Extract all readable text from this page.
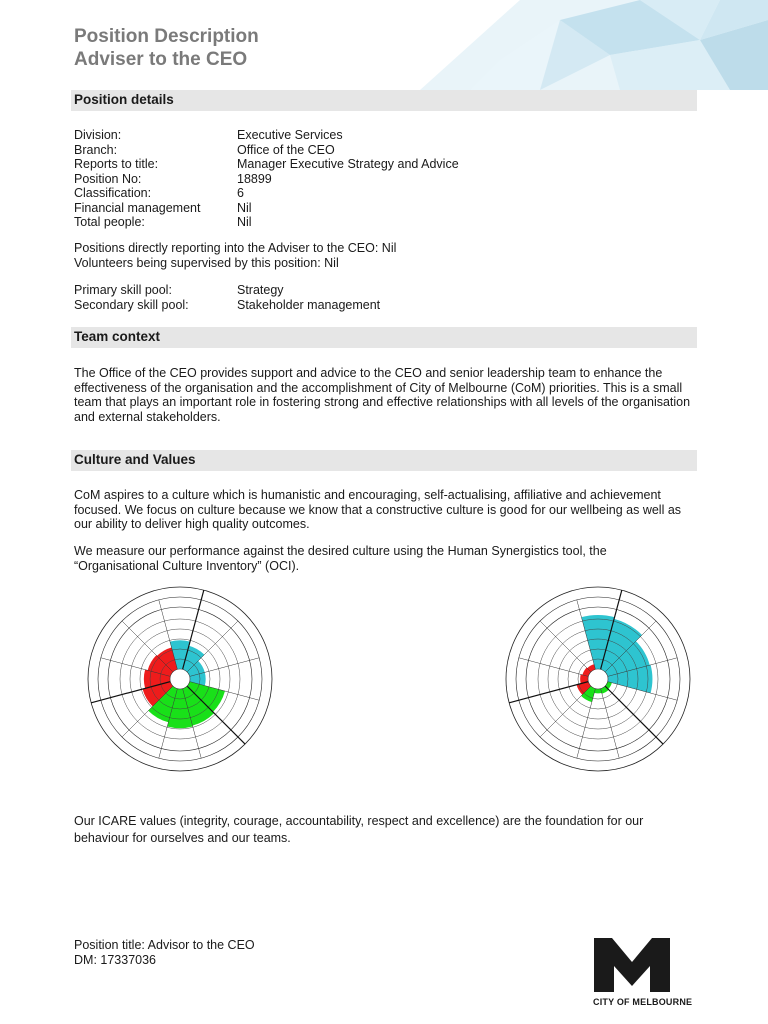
Position Description
Adviser to the CEO
Position details
Division:	Executive Services
Branch:	Office of the CEO
Reports to title:	Manager Executive Strategy and Advice
Position No:	18899
Classification:	6
Financial management	Nil
Total people:	Nil
Positions directly reporting into the Adviser to the CEO: Nil
Volunteers being supervised by this position: Nil
Primary skill pool:	Strategy
Secondary skill pool:	Stakeholder management
Team context

The Office of the CEO provides support and advice to the CEO and senior leadership team to enhance the effectiveness of the organisation and the accomplishment of City of Melbourne (CoM) priorities. This is a small team that plays an important role in fostering strong and effective relationships with all levels of the organisation and external stakeholders.

Culture and Values

CoM aspires to a culture which is humanistic and encouraging, self-actualising, affiliative and achievement focused. We focus on culture because we know that a constructive culture is good for our wellbeing as well as our ability to deliver high quality outcomes.

We measure our performance against the desired culture using the Human Synergistics tool, the “Organisational Culture Inventory” (OCI).

Our ICARE values (integrity, courage, accountability, respect and excellence) are the foundation for our behaviour for ourselves and our teams.

Position title: Advisor to the CEO
DM: 17337036
CITY OF MELBOURNE
